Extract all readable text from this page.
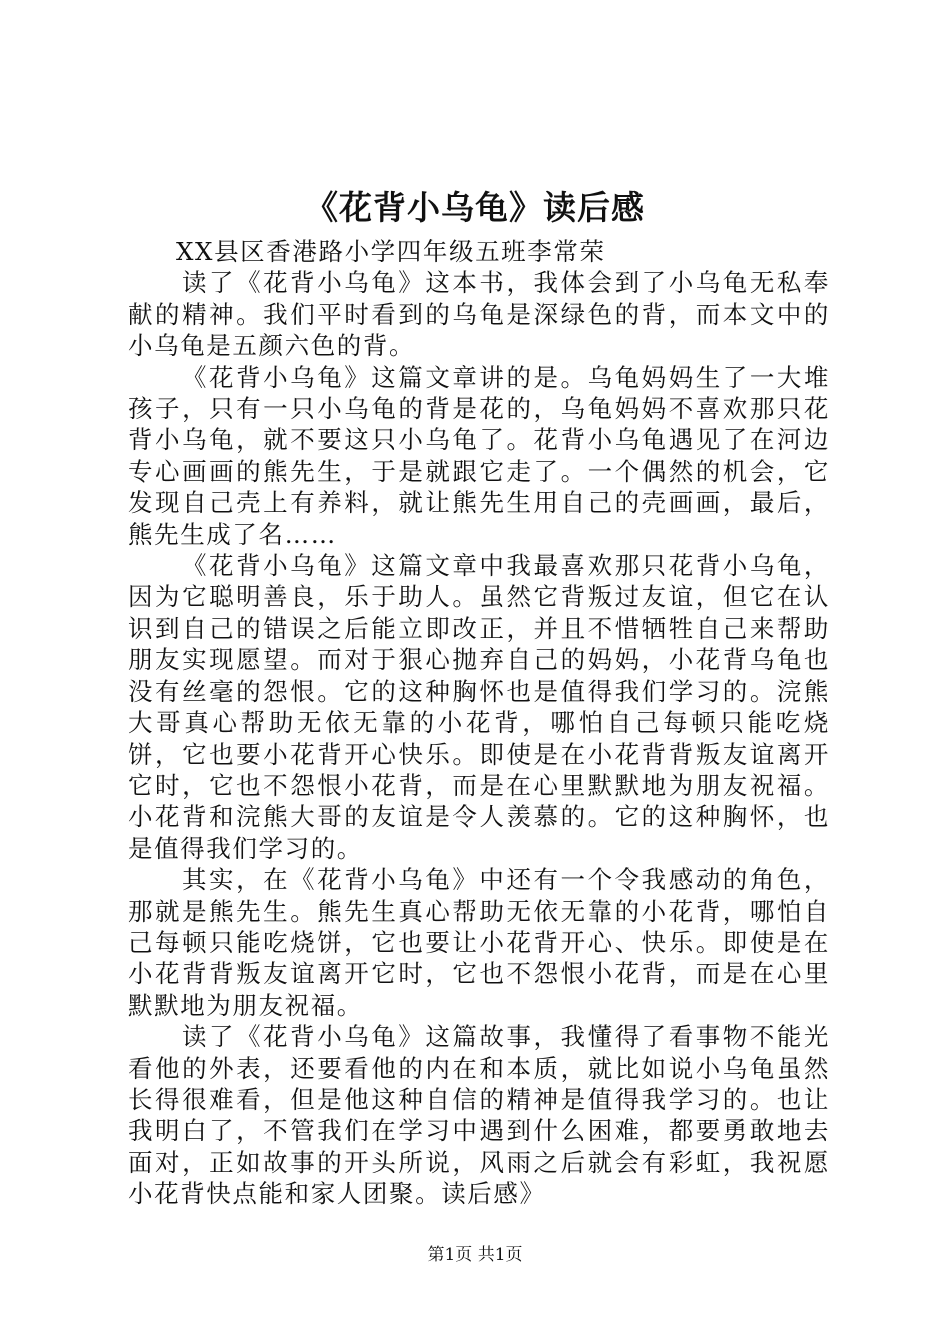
《花背小乌龟》读后感

XX县区香港路小学四年级五班李常荣

读了《花背小乌龟》这本书，我体会到了小乌龟无私奉献的精神。我们平时看到的乌龟是深绿色的背，而本文中的小乌龟是五颜六色的背。

《花背小乌龟》这篇文章讲的是。乌龟妈妈生了一大堆孩子，只有一只小乌龟的背是花的，乌龟妈妈不喜欢那只花背小乌龟，就不要这只小乌龟了。花背小乌龟遇见了在河边专心画画的熊先生，于是就跟它走了。一个偶然的机会，它发现自己壳上有养料，就让熊先生用自己的壳画画，最后，熊先生成了名……

《花背小乌龟》这篇文章中我最喜欢那只花背小乌龟，因为它聪明善良，乐于助人。虽然它背叛过友谊，但它在认识到自己的错误之后能立即改正，并且不惜牺牲自己来帮助朋友实现愿望。而对于狠心抛弃自己的妈妈，小花背乌龟也没有丝毫的怨恨。它的这种胸怀也是值得我们学习的。浣熊大哥真心帮助无依无靠的小花背，哪怕自己每顿只能吃烧饼，它也要小花背开心快乐。即使是在小花背背叛友谊离开它时，它也不怨恨小花背，而是在心里默默地为朋友祝福。小花背和浣熊大哥的友谊是令人羡慕的。它的这种胸怀，也是值得我们学习的。

其实，在《花背小乌龟》中还有一个令我感动的角色，那就是熊先生。熊先生真心帮助无依无靠的小花背，哪怕自己每顿只能吃烧饼，它也要让小花背开心、快乐。即使是在小花背背叛友谊离开它时，它也不怨恨小花背，而是在心里默默地为朋友祝福。

读了《花背小乌龟》这篇故事，我懂得了看事物不能光看他的外表，还要看他的内在和本质，就比如说小乌龟虽然长得很难看，但是他这种自信的精神是值得我学习的。也让我明白了，不管我们在学习中遇到什么困难，都要勇敢地去面对，正如故事的开头所说，风雨之后就会有彩虹，我祝愿小花背快点能和家人团聚。读后感》

第1页 共1页
